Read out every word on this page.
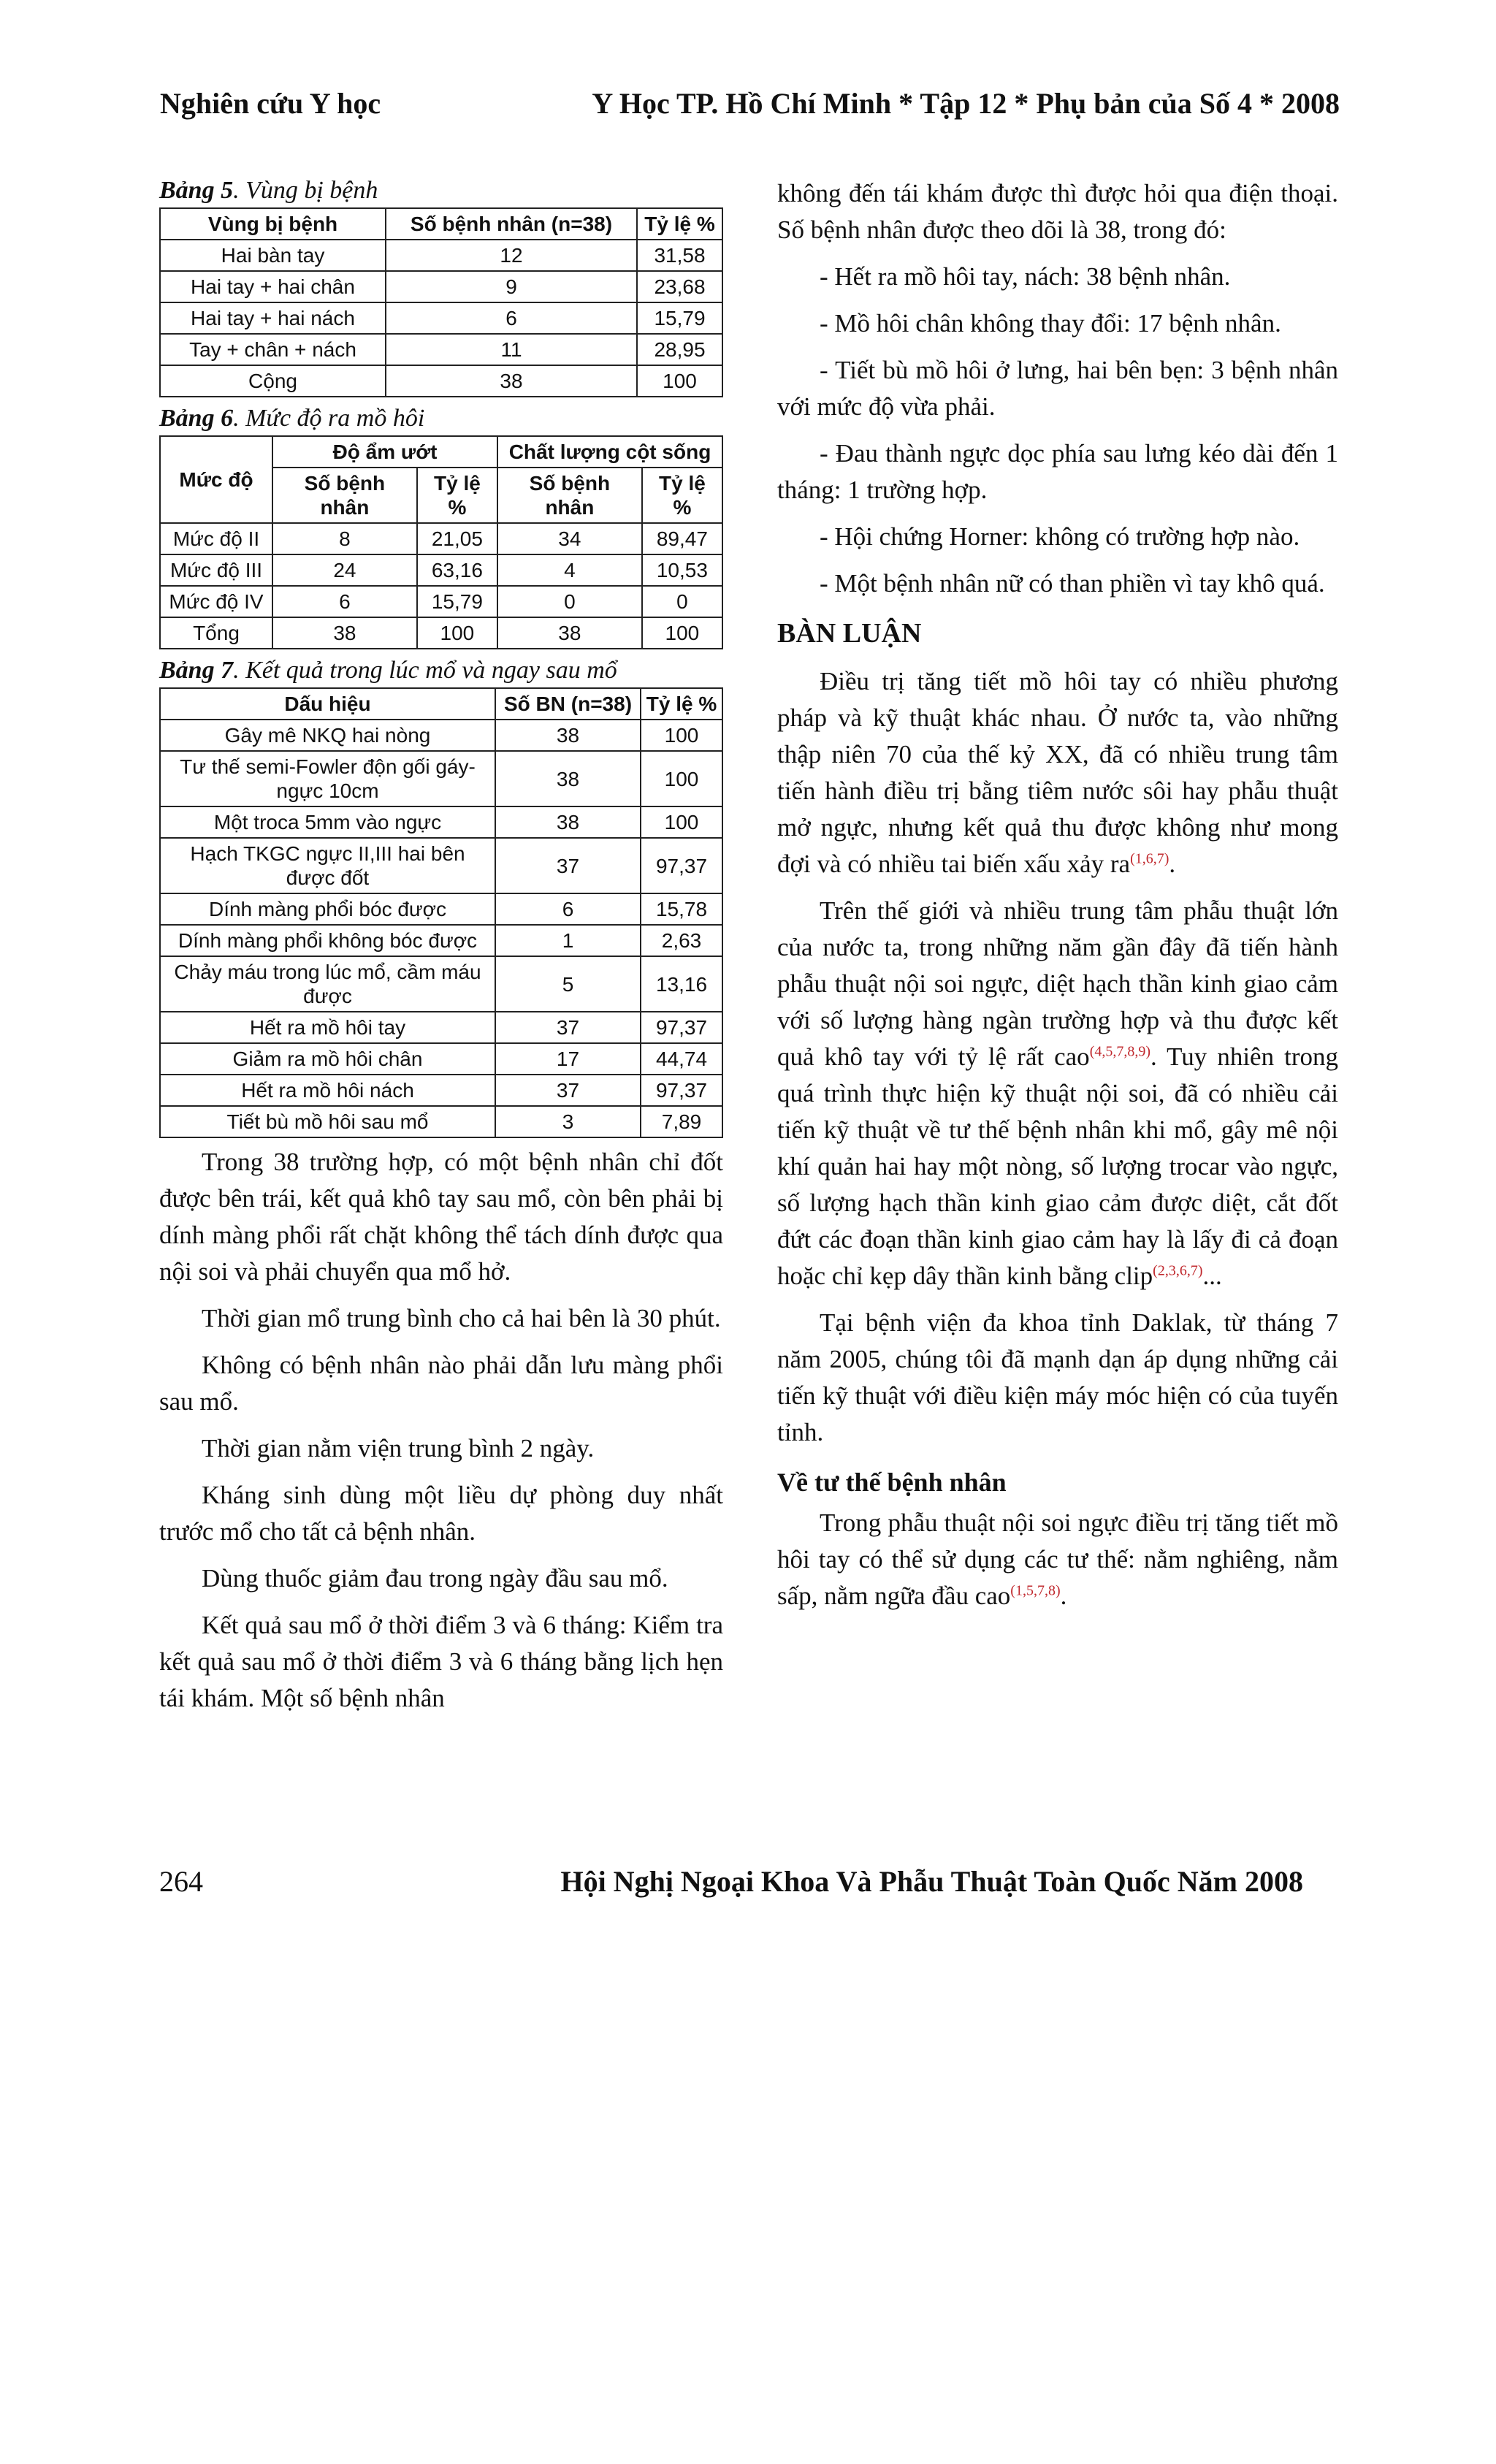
Nghiên cứu Y học	Y Học TP. Hồ Chí Minh * Tập 12 * Phụ bản của Số 4 * 2008
Bảng 5. Vùng bị bệnh
Vùng bị bệnh	Số bệnh nhân (n=38)	Tỷ lệ %
Hai bàn tay	12	31,58
Hai tay + hai chân	9	23,68
Hai tay + hai nách	6	15,79
Tay + chân + nách	11	28,95
Cộng	38	100
Bảng 6. Mức độ ra mồ hôi
Mức độ	Độ ẩm ướt		Chất lượng cột sống	
	Số bệnh nhân	Tỷ lệ %	Số bệnh nhân	Tỷ lệ %
Mức độ II	8	21,05	34	89,47
Mức độ III	24	63,16	4	10,53
Mức độ IV	6	15,79	0	0
Tổng	38	100	38	100
Bảng 7. Kết quả trong lúc mổ và ngay sau mổ
Dấu hiệu	Số BN (n=38)	Tỷ lệ %
Gây mê NKQ hai nòng	38	100
Tư thế semi-Fowler độn gối gáy-ngực 10cm	38	100
Một troca 5mm vào ngực	38	100
Hạch TKGC ngực II,III hai bên được đốt	37	97,37
Dính màng phổi bóc được	6	15,78
Dính màng phổi không bóc được	1	2,63
Chảy máu trong lúc mổ, cầm máu được	5	13,16
Hết ra mồ hôi tay	37	97,37
Giảm ra mồ hôi chân	17	44,74
Hết ra mồ hôi nách	37	97,37
Tiết bù mồ hôi sau mổ	3	7,89

Trong 38 trường hợp, có một bệnh nhân chỉ đốt được bên trái, kết quả khô tay sau mổ, còn bên phải bị dính màng phổi rất chặt không thể tách dính được qua nội soi và phải chuyển qua mổ hở.

Thời gian mổ trung bình cho cả hai bên là 30 phút.

Không có bệnh nhân nào phải dẫn lưu màng phổi sau mổ.

Thời gian nằm viện trung bình 2 ngày.

Kháng sinh dùng một liều dự phòng duy nhất trước mổ cho tất cả bệnh nhân.

Dùng thuốc giảm đau trong ngày đầu sau mổ.

Kết quả sau mổ ở thời điểm 3 và 6 tháng: Kiểm tra kết quả sau mổ ở thời điểm 3 và 6 tháng bằng lịch hẹn tái khám. Một số bệnh nhân

không đến tái khám được thì được hỏi qua điện thoại. Số bệnh nhân được theo dõi là 38, trong đó:

- Hết ra mồ hôi tay, nách: 38 bệnh nhân.

- Mồ hôi chân không thay đổi: 17 bệnh nhân.

- Tiết bù mồ hôi ở lưng, hai bên bẹn: 3 bệnh nhân với mức độ vừa phải.

- Đau thành ngực dọc phía sau lưng kéo dài đến 1 tháng: 1 trường hợp.

- Hội chứng Horner: không có trường hợp nào.

- Một bệnh nhân nữ có than phiền vì tay khô quá.

BÀN LUẬN

Điều trị tăng tiết mồ hôi tay có nhiều phương pháp và kỹ thuật khác nhau. Ở nước ta, vào những thập niên 70 của thế kỷ XX, đã có nhiều trung tâm tiến hành điều trị bằng tiêm nước sôi hay phẫu thuật mở ngực, nhưng kết quả thu được không như mong đợi và có nhiều tai biến xấu xảy ra$^{(1,6,7)}$.

Trên thế giới và nhiều trung tâm phẫu thuật lớn của nước ta, trong những năm gần đây đã tiến hành phẫu thuật nội soi ngực, diệt hạch thần kinh giao cảm với số lượng hàng ngàn trường hợp và thu được kết quả khô tay với tỷ lệ rất cao$^{(4,5,7,8,9)}$. Tuy nhiên trong quá trình thực hiện kỹ thuật nội soi, đã có nhiều cải tiến kỹ thuật về tư thế bệnh nhân khi mổ, gây mê nội khí quản hai hay một nòng, số lượng trocar vào ngực, số lượng hạch thần kinh giao cảm được diệt, cắt đốt đứt các đoạn thần kinh giao cảm hay là lấy đi cả đoạn hoặc chỉ kẹp dây thần kinh bằng clip$^{(2,3,6,7)}$...

Tại bệnh viện đa khoa tỉnh Daklak, từ tháng 7 năm 2005, chúng tôi đã mạnh dạn áp dụng những cải tiến kỹ thuật với điều kiện máy móc hiện có của tuyến tỉnh.

Về tư thế bệnh nhân

Trong phẫu thuật nội soi ngực điều trị tăng tiết mồ hôi tay có thể sử dụng các tư thế: nằm nghiêng, nằm sấp, nằm ngữa đầu cao$^{(1,5,7,8)}$.

264	Hội Nghị Ngoại Khoa Và Phẫu Thuật Toàn Quốc Năm 2008
